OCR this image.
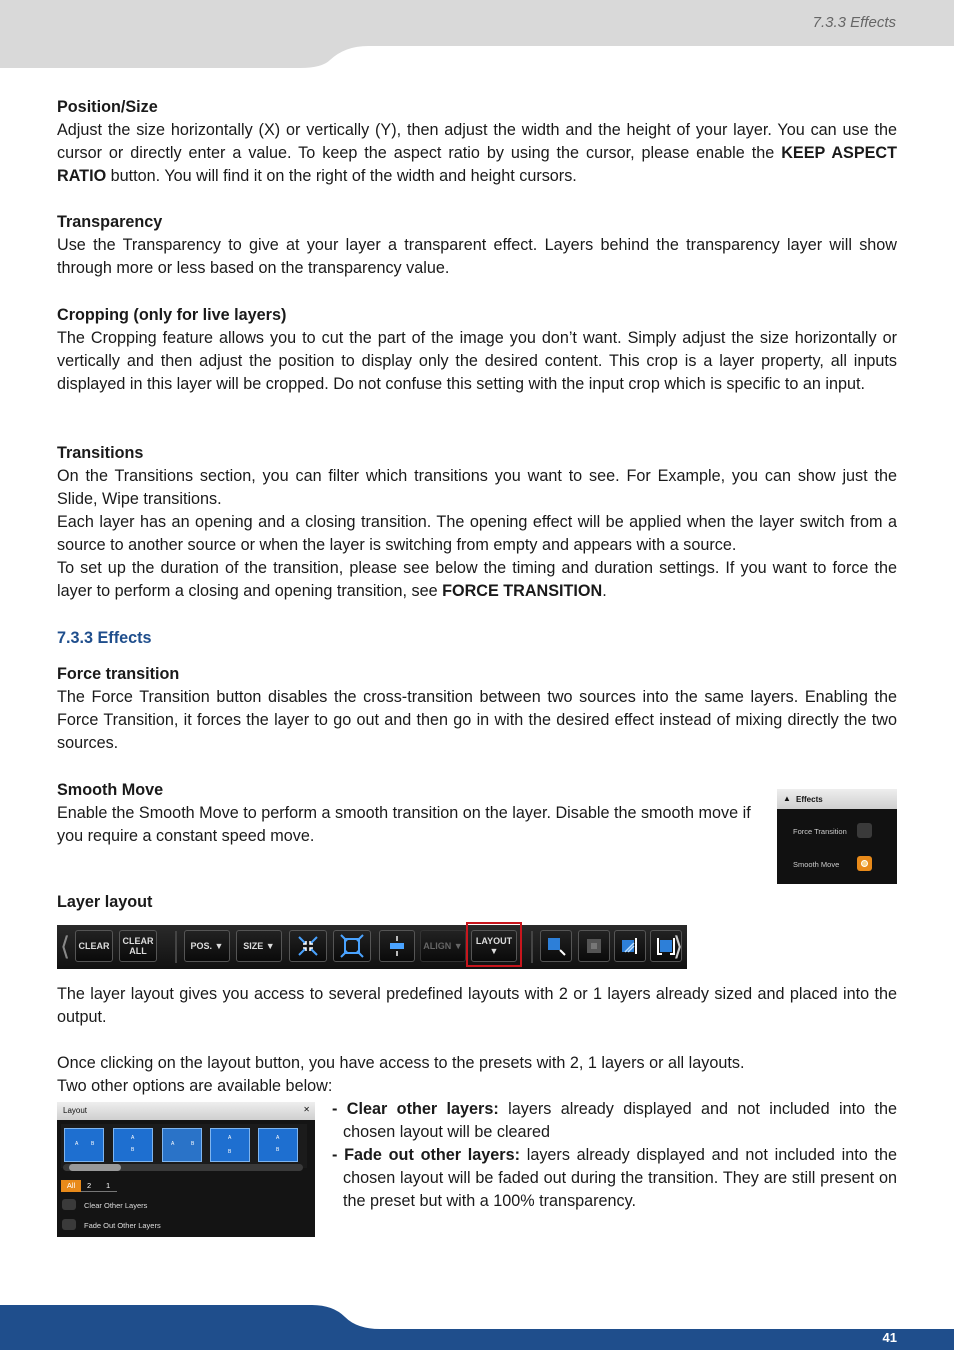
7.3.3 Effects
Position/Size

Adjust the size horizontally (X) or vertically (Y), then adjust the width and the height of your layer. You can use the cursor or directly enter a value. To keep the aspect ratio by using the cursor, please enable the KEEP ASPECT RATIO button. You will find it on the right of the width and height cursors.

Transparency

Use the Transparency to give at your layer a transparent effect. Layers behind the transparency layer will show through more or less based on the transparency value.

Cropping (only for live layers)

The Cropping feature allows you to cut the part of the image you don’t want. Simply adjust the size horizontally or vertically and then adjust the position to display only the desired content. This crop is a layer property, all inputs displayed in this layer will be cropped. Do not confuse this setting with the input crop which is specific to an input.

Transitions

On the Transitions section, you can filter which transitions you want to see. For Example, you can show just the Slide, Wipe transitions.

Each layer has an opening and a closing transition. The opening effect will be applied when the layer switch from a source to another source or when the layer is switching from empty and appears with a source.

To set up the duration of the transition, please see below the timing and duration settings. If you want to force the layer to perform a closing and opening transition, see FORCE TRANSITION.

7.3.3 Effects
Force transition

The Force Transition button disables the cross-transition between two sources into the same layers. Enabling the Force Transition, it forces the layer to go out and then go in with the desired effect instead of mixing directly the two sources.

Smooth Move

Enable the Smooth Move to perform a smooth transition on the layer. Disable the smooth move if you require a constant speed move.

▲ Effects
Force Transition
Smooth Move
Layer layout
⟨ CLEAR	CLEAR
ALL	POS. ▼	SIZE ▼	ALIGN ▼	LAYOUT ▼	⟩

The layer layout gives you access to several predefined layouts with 2 or 1 layers already sized and placed into the output.

Once clicking on the layout button, you have access to the presets with 2, 1 layers or all layouts.

Two other options are available below:

Layout	✕
A	B
A
B
A	B
A
B
A
B
All	2 1
Clear Other Layers
Fade Out Other Layers

- Clear other layers: layers already displayed and not included into the chosen layout will be cleared

- Fade out other layers: layers already displayed and not included into the chosen layout will be faded out during the transition. They are still present on the preset but with a 100% transparency.

41
